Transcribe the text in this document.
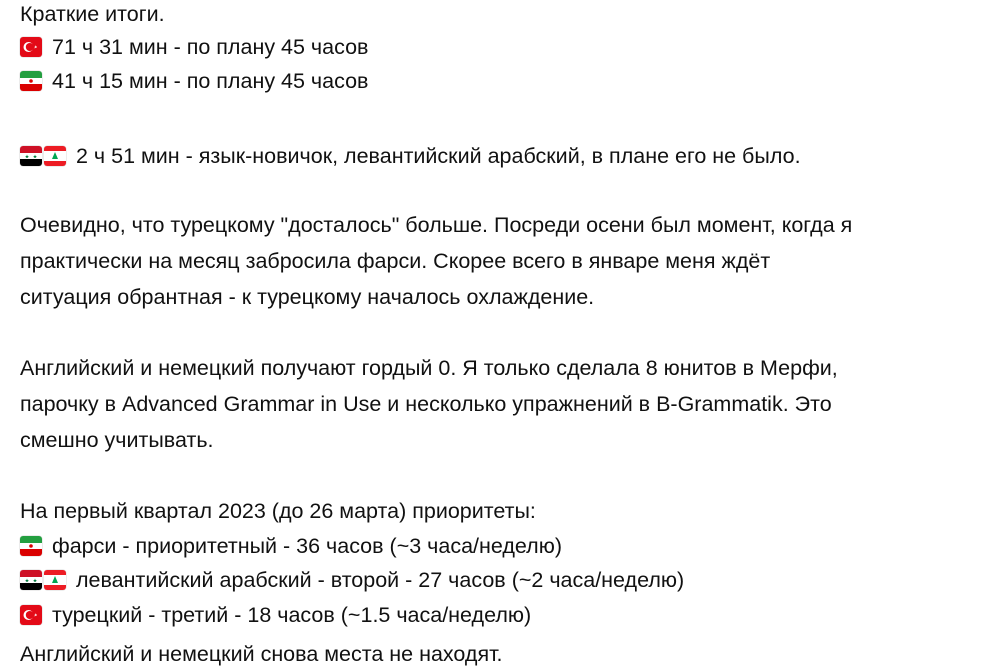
Краткие итоги.
71 ч 31 мин - по плану 45 часов
41 ч 15 мин - по плану 45 часов
2 ч 51 мин - язык-новичок, левантийский арабский, в плане его не было.
Очевидно, что турецкому "досталось" больше. Посреди осени был момент, когда я
практически на месяц забросила фарси. Скорее всего в январе меня ждёт
ситуация обрантная - к турецкому началось охлаждение.
Английский и немецкий получают гордый 0. Я только сделала 8 юнитов в Мерфи,
парочку в Advanced Grammar in Use и несколько упражнений в B-Grammatik. Это
смешно учитывать.
На первый квартал 2023 (до 26 марта) приоритеты:
фарси - приоритетный - 36 часов (~3 часа/неделю)
левантийский арабский - второй - 27 часов (~2 часа/неделю)
турецкий - третий - 18 часов (~1.5 часа/неделю)
Английский и немецкий снова места не находят.
